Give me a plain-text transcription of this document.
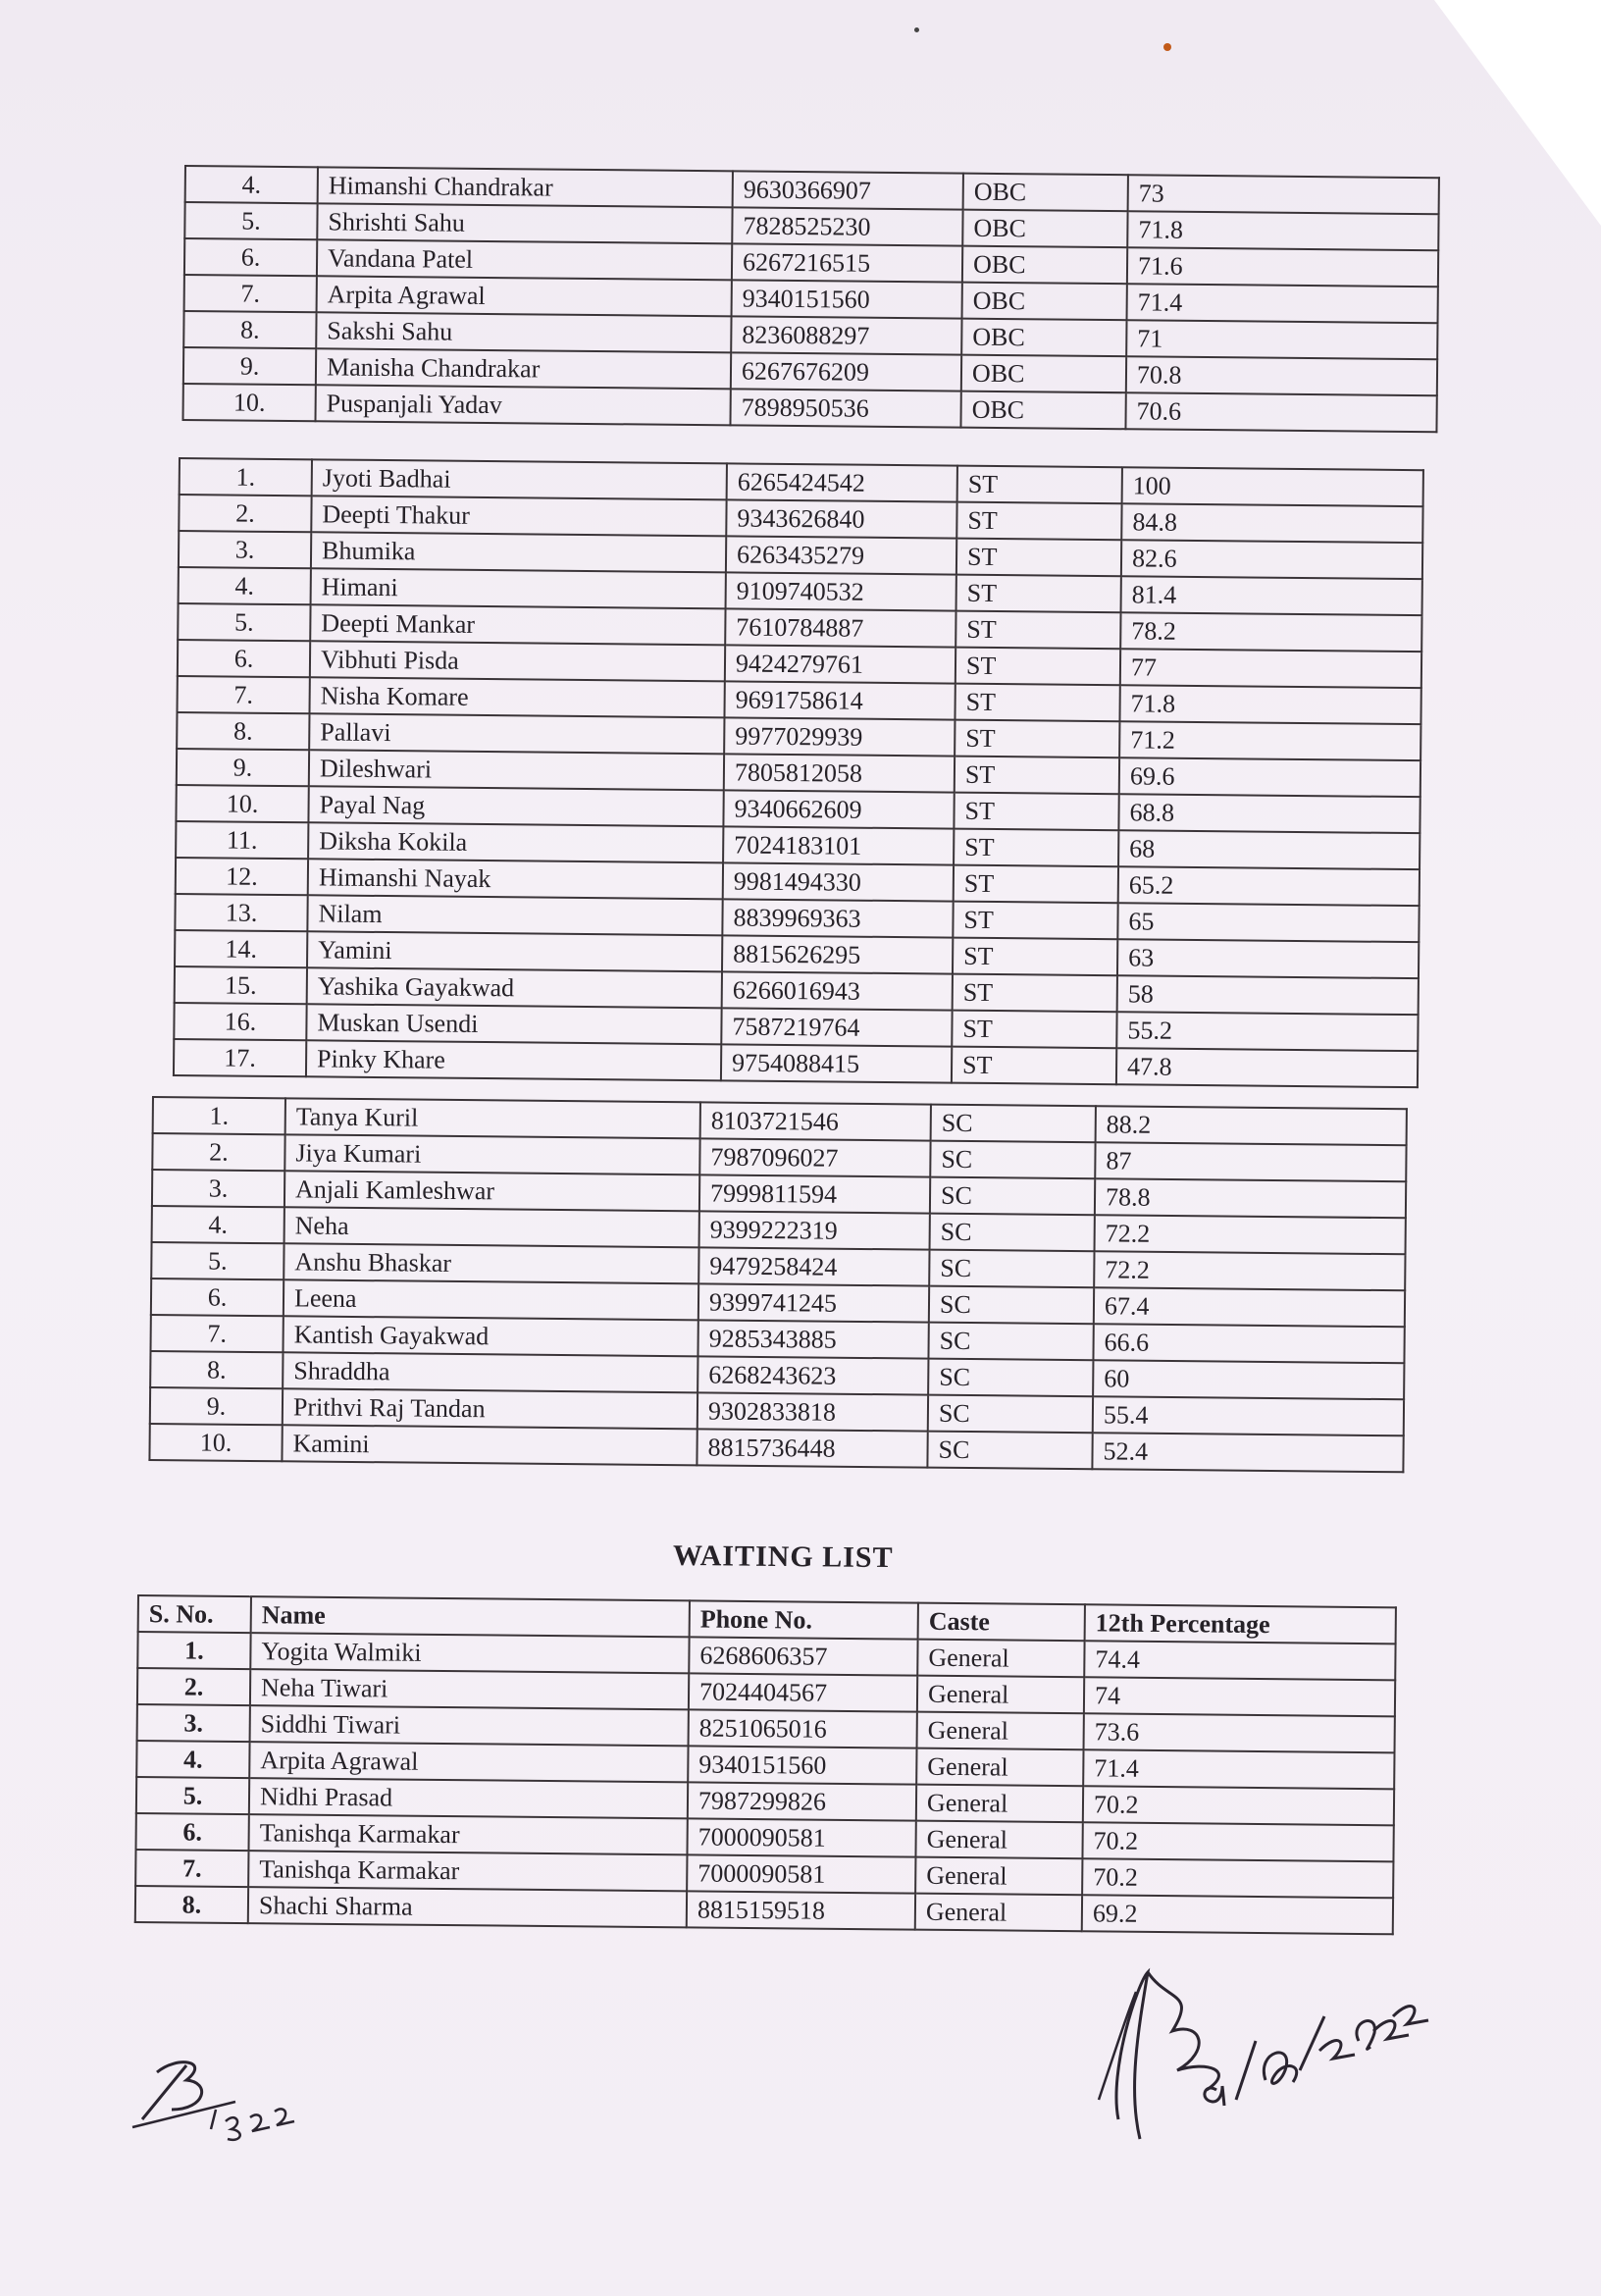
4.	Himanshi Chandrakar	9630366907	OBC	73
5.	Shrishti Sahu	7828525230	OBC	71.8
6.	Vandana Patel	6267216515	OBC	71.6
7.	Arpita Agrawal	9340151560	OBC	71.4
8.	Sakshi Sahu	8236088297	OBC	71
9.	Manisha Chandrakar	6267676209	OBC	70.8
10.	Puspanjali Yadav	7898950536	OBC	70.6
1.	Jyoti Badhai	6265424542	ST	100
2.	Deepti Thakur	9343626840	ST	84.8
3.	Bhumika	6263435279	ST	82.6
4.	Himani	9109740532	ST	81.4
5.	Deepti Mankar	7610784887	ST	78.2
6.	Vibhuti Pisda	9424279761	ST	77
7.	Nisha Komare	9691758614	ST	71.8
8.	Pallavi	9977029939	ST	71.2
9.	Dileshwari	7805812058	ST	69.6
10.	Payal Nag	9340662609	ST	68.8
11.	Diksha Kokila	7024183101	ST	68
12.	Himanshi Nayak	9981494330	ST	65.2
13.	Nilam	8839969363	ST	65
14.	Yamini	8815626295	ST	63
15.	Yashika Gayakwad	6266016943	ST	58
16.	Muskan Usendi	7587219764	ST	55.2
17.	Pinky Khare	9754088415	ST	47.8
1.	Tanya Kuril	8103721546	SC	88.2
2.	Jiya Kumari	7987096027	SC	87
3.	Anjali Kamleshwar	7999811594	SC	78.8
4.	Neha	9399222319	SC	72.2
5.	Anshu Bhaskar	9479258424	SC	72.2
6.	Leena	9399741245	SC	67.4
7.	Kantish Gayakwad	9285343885	SC	66.6
8.	Shraddha	6268243623	SC	60
9.	Prithvi Raj Tandan	9302833818	SC	55.4
10.	Kamini	8815736448	SC	52.4
WAITING LIST
S. No.	Name	Phone No.	Caste	12th Percentage
1.	Yogita Walmiki	6268606357	General	74.4
2.	Neha Tiwari	7024404567	General	74
3.	Siddhi Tiwari	8251065016	General	73.6
4.	Arpita Agrawal	9340151560	General	71.4
5.	Nidhi Prasad	7987299826	General	70.2
6.	Tanishqa Karmakar	7000090581	General	70.2
7.	Tanishqa Karmakar	7000090581	General	70.2
8.	Shachi Sharma	8815159518	General	69.2
